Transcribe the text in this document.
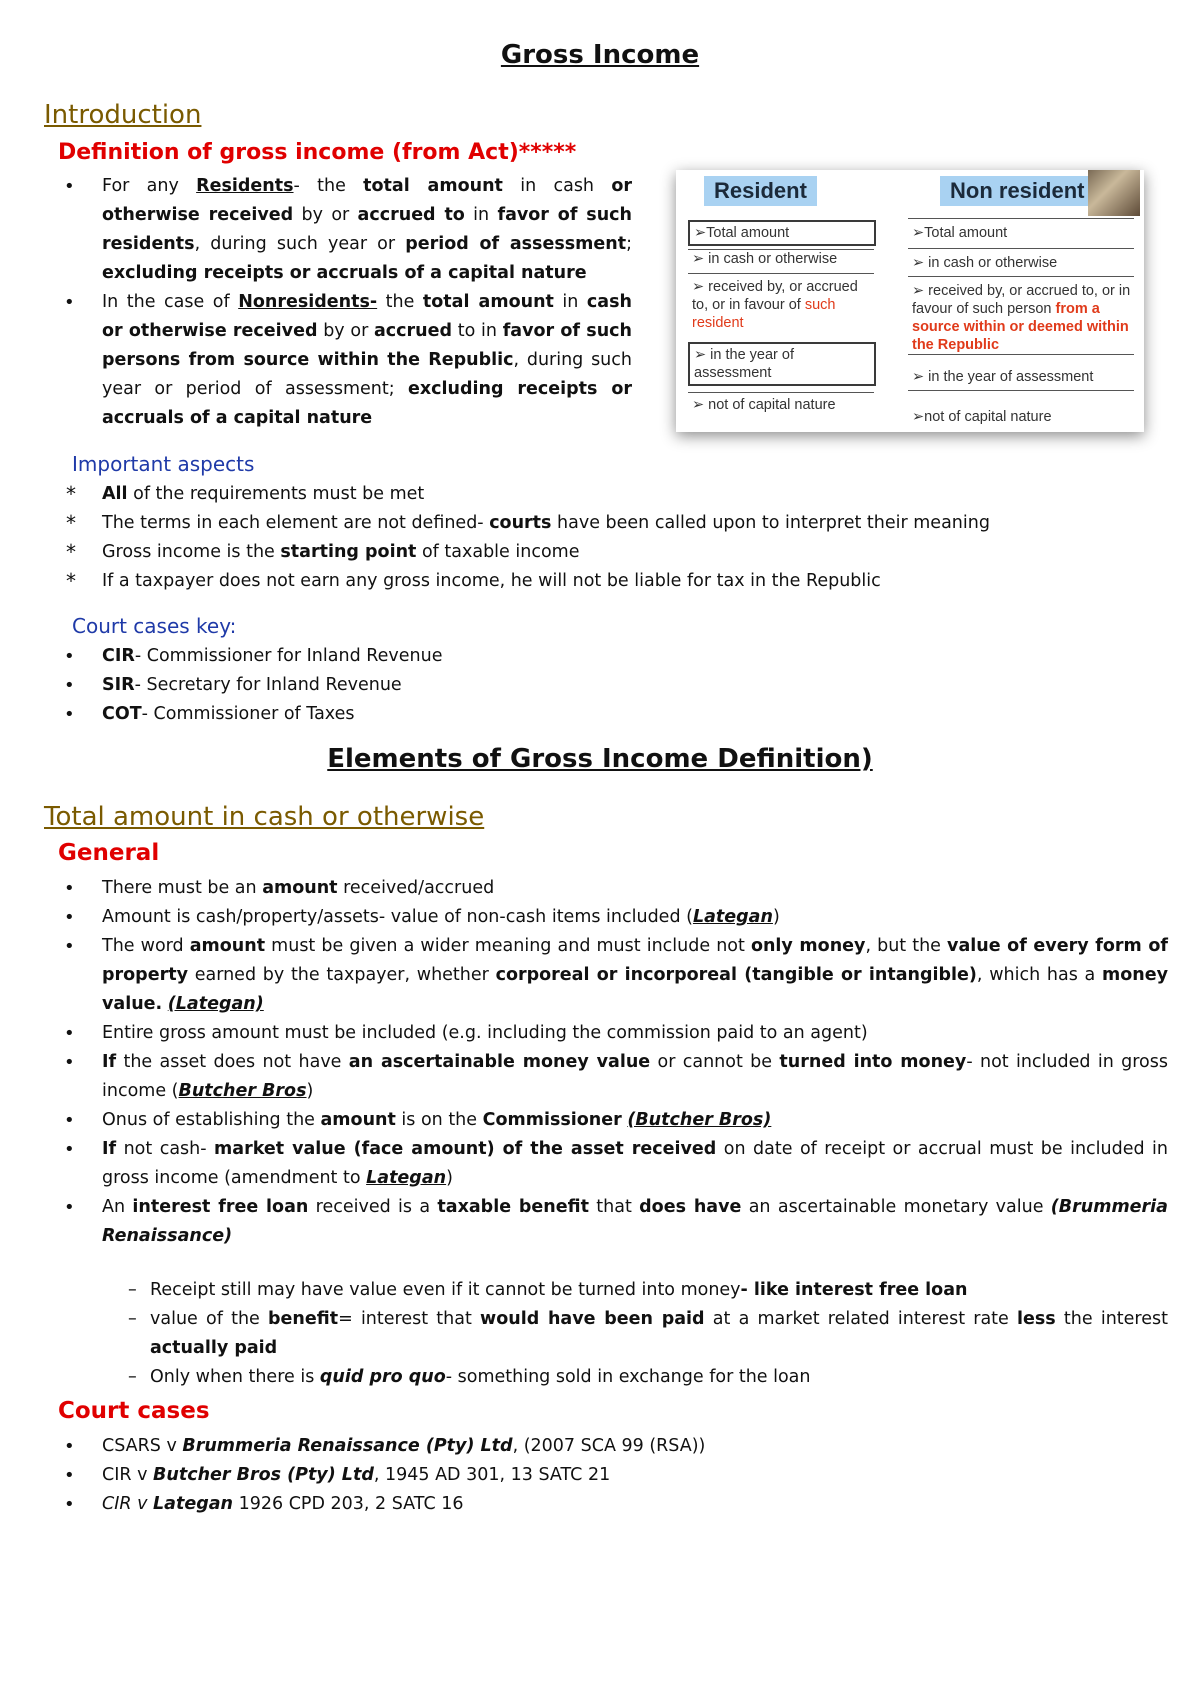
Gross Income
Introduction
Definition of gross income (from Act)*****
• For any Residents- the total amount in cash or otherwise received by or accrued to in favor of such residents, during such year or period of assessment; excluding receipts or accruals of a capital nature
• In the case of Nonresidents- the total amount in cash or otherwise received by or accrued to in favor of such persons from source within the Republic, during such year or period of assessment; excluding receipts or accruals of a capital nature
Resident	Non resident
➢Total amount
➢ in cash or otherwise
➢ received by, or accrued to, or in favour of such resident
➢ in the year of assessment
➢ not of capital nature
➢Total amount
➢ in cash or otherwise
➢ received by, or accrued to, or in favour of such person from a source within or deemed within the Republic
➢ in the year of assessment
➢not of capital nature
Important aspects
* All of the requirements must be met
* The terms in each element are not defined- courts have been called upon to interpret their meaning
* Gross income is the starting point of taxable income
* If a taxpayer does not earn any gross income, he will not be liable for tax in the Republic
Court cases key:
• CIR- Commissioner for Inland Revenue
• SIR- Secretary for Inland Revenue
• COT- Commissioner of Taxes
Elements of Gross Income Definition)
Total amount in cash or otherwise
General
• There must be an amount received/accrued
• Amount is cash/property/assets- value of non-cash items included (Lategan)
• The word amount must be given a wider meaning and must include not only money, but the value of every form of property earned by the taxpayer, whether corporeal or incorporeal (tangible or intangible), which has a money value. (Lategan)
• Entire gross amount must be included (e.g. including the commission paid to an agent)
• If the asset does not have an ascertainable money value or cannot be turned into money- not included in gross income (Butcher Bros)
• Onus of establishing the amount is on the Commissioner (Butcher Bros)
• If not cash- market value (face amount) of the asset received on date of receipt or accrual must be included in gross income (amendment to Lategan)
• An interest free loan received is a taxable benefit that does have an ascertainable monetary value (Brummeria Renaissance)
– Receipt still may have value even if it cannot be turned into money- like interest free loan
– value of the benefit= interest that would have been paid at a market related interest rate less the interest actually paid
– Only when there is quid pro quo- something sold in exchange for the loan
Court cases
• CSARS v Brummeria Renaissance (Pty) Ltd, (2007 SCA 99 (RSA))
• CIR v Butcher Bros (Pty) Ltd, 1945 AD 301, 13 SATC 21
• CIR v Lategan 1926 CPD 203, 2 SATC 16
